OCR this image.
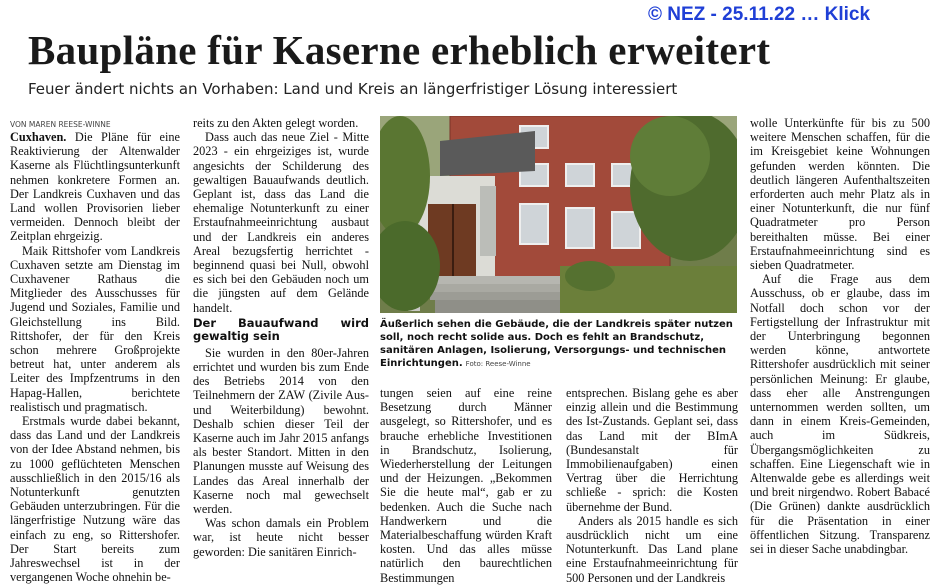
© NEZ - 25.11.22 … Klick
Baupläne für Kaserne erheblich erweitert
Feuer ändert nichts an Vorhaben: Land und Kreis an längerfristiger Lösung interessiert
VON MAREN REESE-WINNE

Cuxhaven. Die Pläne für eine Reaktivierung der Altenwalder Kaserne als Flüchtlingsunterkunft nehmen konkretere Formen an. Der Landkreis Cuxhaven und das Land wollen Provisorien lieber vermeiden. Dennoch bleibt der Zeitplan ehrgeizig.

Maik Rittshofer vom Landkreis Cuxhaven setzte am Dienstag im Cuxhavener Rathaus die Mitglieder des Ausschusses für Jugend und Soziales, Familie und Gleichstellung ins Bild. Rittshofer, der für den Kreis schon mehrere Großprojekte betreut hat, unter anderem als Leiter des Impfzentrums in den Hapag-Hallen, berichtete realistisch und pragmatisch.

Erstmals wurde dabei bekannt, dass das Land und der Landkreis von der Idee Abstand nehmen, bis zu 1000 geflüchteten Menschen ausschließlich in den 2015/16 als Notunterkunft genutzten Gebäuden unterzubringen. Für die längerfristige Nutzung wäre das einfach zu eng, so Rittershofer. Der Start bereits zum Jahreswechsel ist in der vergangenen Woche ohnehin be-

reits zu den Akten gelegt worden.

Dass auch das neue Ziel - Mitte 2023 - ein ehrgeiziges ist, wurde angesichts der Schilderung des gewaltigen Bauaufwands deutlich. Geplant ist, dass das Land die ehemalige Notunterkunft zu einer Erstaufnahmeeinrichtung ausbaut und der Landkreis ein anderes Areal bezugsfertig herrichtet - beginnend quasi bei Null, obwohl es sich bei den Gebäuden noch um die jüngsten auf dem Gelände handelt.

Der Bauaufwand wird gewaltig sein

Sie wurden in den 80er-Jahren errichtet und wurden bis zum Ende des Betriebs 2014 von den Teilnehmern der ZAW (Zivile Aus- und Weiterbildung) bewohnt. Deshalb schien dieser Teil der Kaserne auch im Jahr 2015 anfangs als bester Standort. Mitten in den Planungen musste auf Weisung des Landes das Areal innerhalb der Kaserne noch mal gewechselt werden.

Was schon damals ein Problem war, ist heute nicht besser geworden: Die sanitären Einrich-

Äußerlich sehen die Gebäude, die der Landkreis später nutzen soll, noch recht solide aus. Doch es fehlt an Brandschutz, sanitären Anlagen, Isolierung, Versorgungs- und technischen Einrichtungen. Foto: Reese-Winne

tungen seien auf eine reine Besetzung durch Männer ausgelegt, so Rittershofer, und es brauche erhebliche Investitionen in Brandschutz, Isolierung, Wiederherstellung der Leitungen und der Heizungen. „Bekommen Sie die heute mal“, gab er zu bedenken. Auch die Suche nach Handwerkern und die Materialbeschaffung würden Kraft kosten. Und das alles müsse natürlich den baurechtlichen Bestimmungen

entsprechen. Bislang gehe es aber einzig allein und die Bestimmung des Ist-Zustands. Geplant sei, dass das Land mit der BImA (Bundesanstalt für Immobilienaufgaben) einen Vertrag über die Herrichtung schließe - sprich: die Kosten übernehme der Bund.

Anders als 2015 handle es sich ausdrücklich nicht um eine Notunterkunft. Das Land plane eine Erstaufnahmeeinrichtung für 500 Personen und der Landkreis

wolle Unterkünfte für bis zu 500 weitere Menschen schaffen, für die im Kreisgebiet keine Wohnungen gefunden werden könnten. Die deutlich längeren Aufenthaltszeiten erforderten auch mehr Platz als in einer Notunterkunft, die nur fünf Quadratmeter pro Person bereithalten müsse. Bei einer Erstaufnahmeeinrichtung sind es sieben Quadratmeter.

Auf die Frage aus dem Ausschuss, ob er glaube, dass im Notfall doch schon vor der Fertigstellung der Infrastruktur mit der Unterbringung begonnen werden könne, antwortete Rittershofer ausdrücklich mit seiner persönlichen Meinung: Er glaube, dass eher alle Anstrengungen unternommen werden sollten, um dann in einem Kreis-Gemeinden, auch im Südkreis, Übergangsmöglichkeiten zu schaffen. Eine Liegenschaft wie in Altenwalde gebe es allerdings weit und breit nirgendwo. Robert Babacé (Die Grünen) dankte ausdrücklich für die Präsentation in einer öffentlichen Sitzung. Transparenz sei in dieser Sache unabdingbar.
